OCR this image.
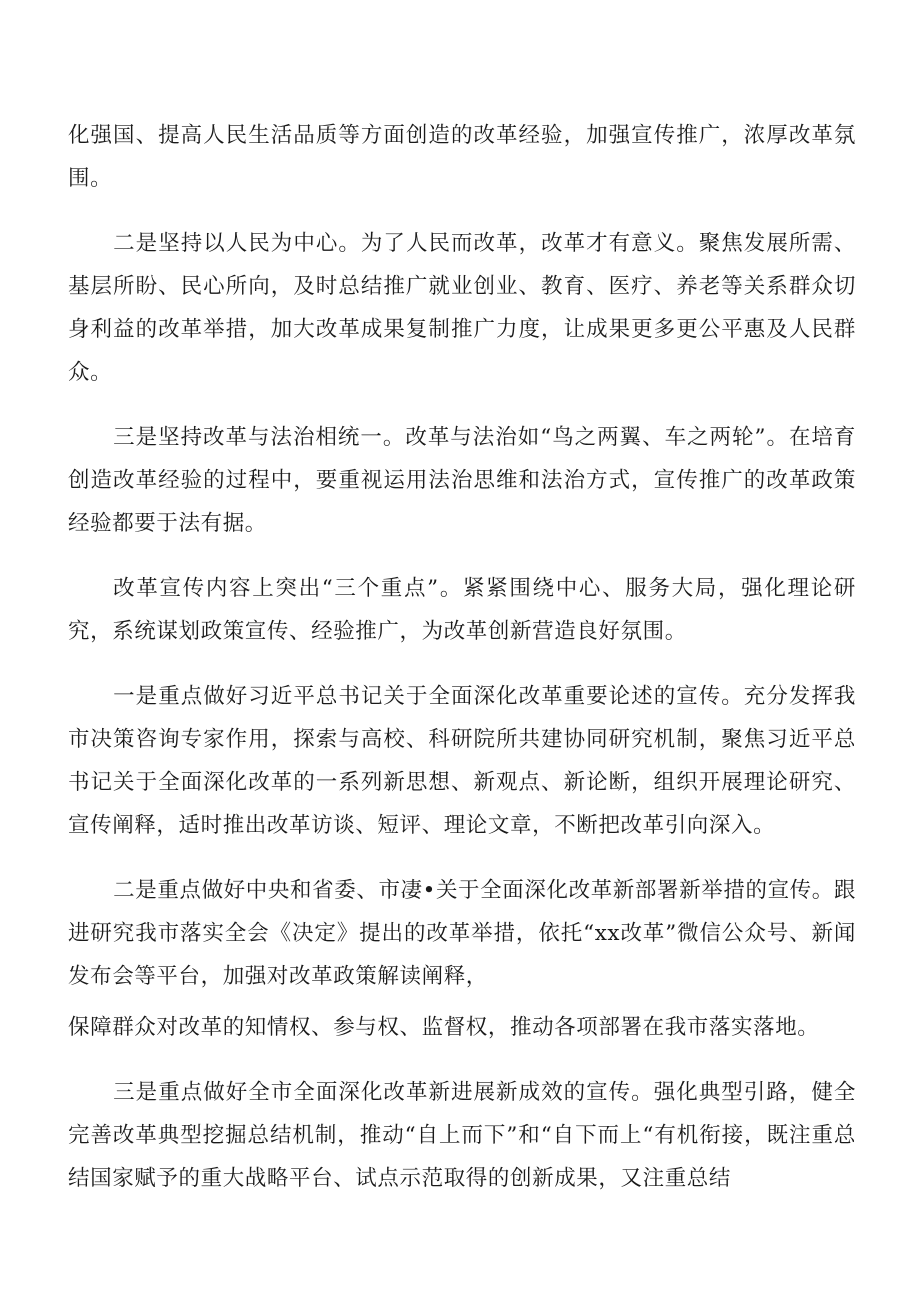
化强国、提高人民生活品质等方面创造的改革经验，加强宣传推广，浓厚改革氛围。

二是坚持以人民为中心。为了人民而改革，改革才有意义。聚焦发展所需、基层所盼、民心所向，及时总结推广就业创业、教育、医疗、养老等关系群众切身利益的改革举措，加大改革成果复制推广力度，让成果更多更公平惠及人民群众。

三是坚持改革与法治相统一。改革与法治如“鸟之两翼、车之两轮”。在培育创造改革经验的过程中，要重视运用法治思维和法治方式，宣传推广的改革政策经验都要于法有据。

改革宣传内容上突出“三个重点”。紧紧围绕中心、服务大局，强化理论研究，系统谋划政策宣传、经验推广，为改革创新营造良好氛围。

一是重点做好习近平总书记关于全面深化改革重要论述的宣传。充分发挥我市决策咨询专家作用，探索与高校、科研院所共建协同研究机制，聚焦习近平总书记关于全面深化改革的一系列新思想、新观点、新论断，组织开展理论研究、宣传阐释，适时推出改革访谈、短评、理论文章，不断把改革引向深入。

二是重点做好中央和省委、市凄•关于全面深化改革新部署新举措的宣传。跟进研究我市落实全会《决定》提出的改革举措，依托“xx改革”微信公众号、新闻发布会等平台，加强对改革政策解读阐释，

保障群众对改革的知情权、参与权、监督权，推动各项部署在我市落实落地。

三是重点做好全市全面深化改革新进展新成效的宣传。强化典型引路，健全完善改革典型挖掘总结机制，推动“自上而下”和“自下而上“有机衔接，既注重总结国家赋予的重大战略平台、试点示范取得的创新成果，又注重总结
